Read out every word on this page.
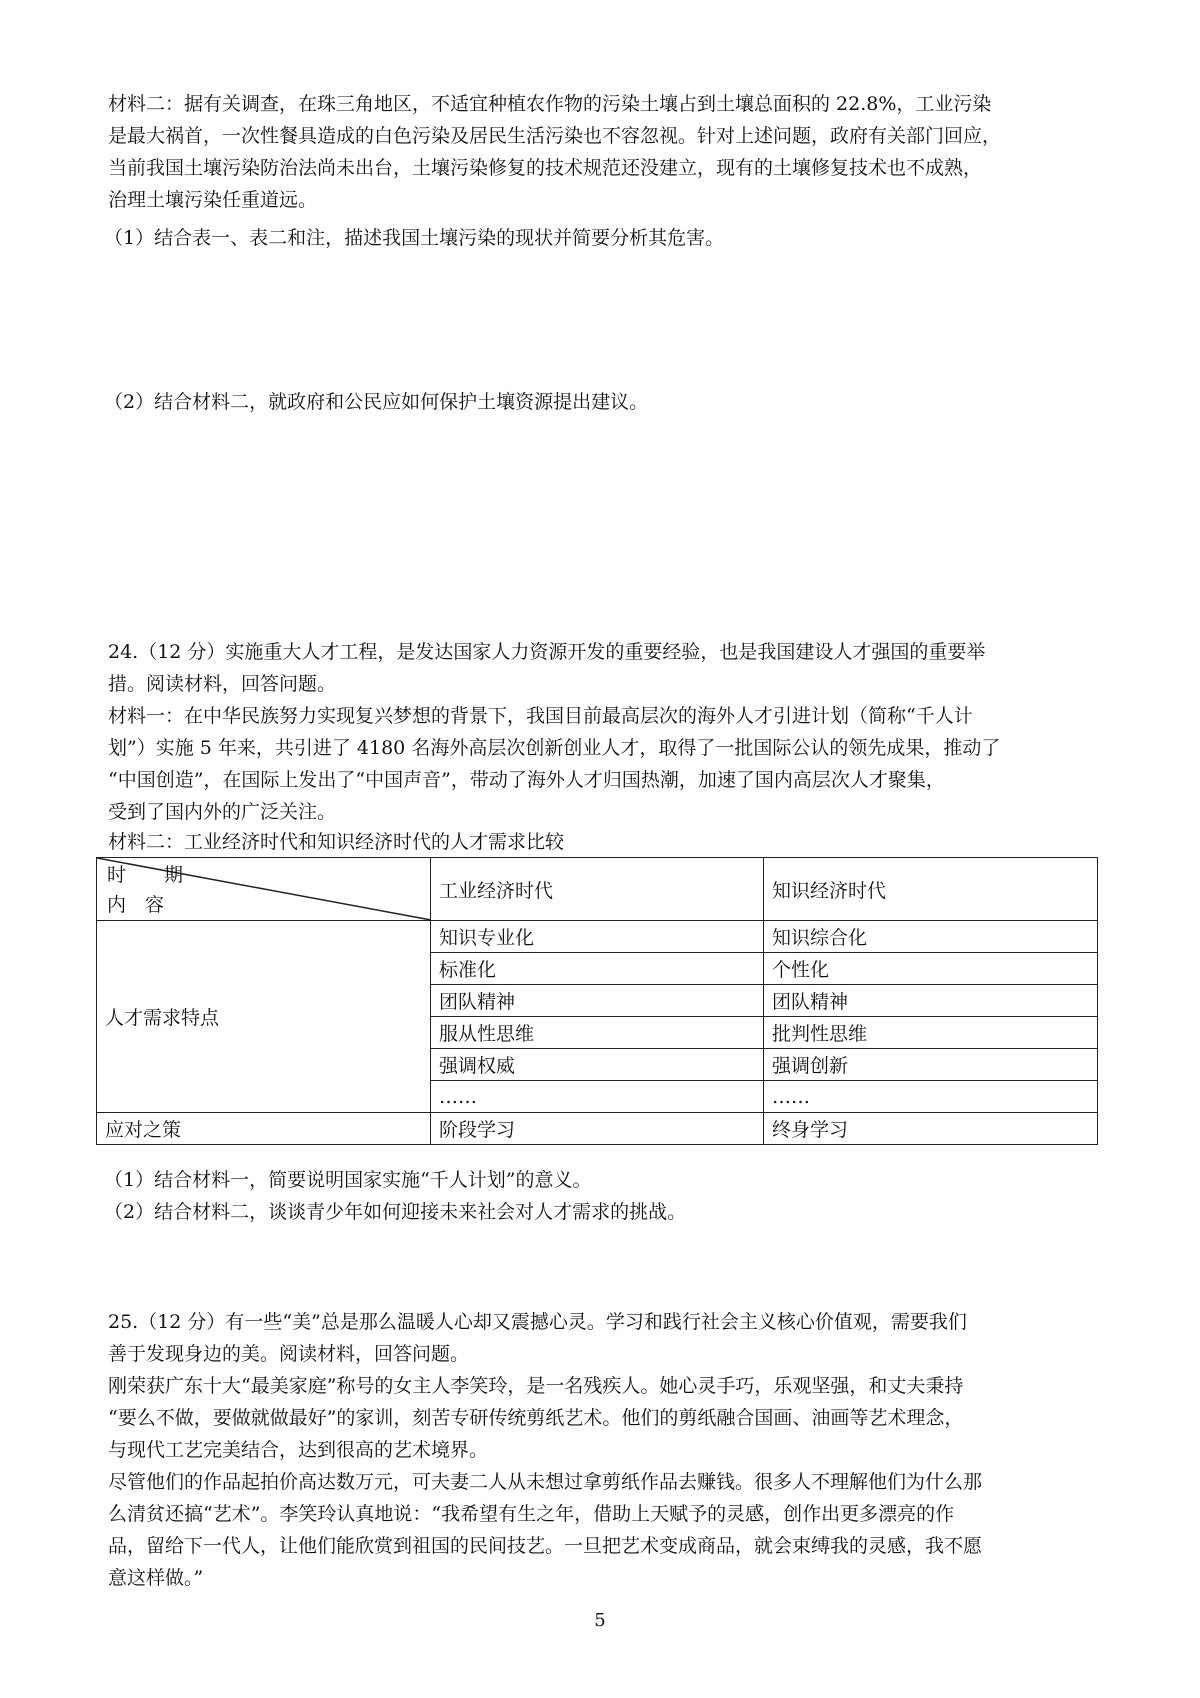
材料二：据有关调查，在珠三角地区，不适宜种植农作物的污染土壤占到土壤总面积的 22.8%，工业污染

是最大祸首，一次性餐具造成的白色污染及居民生活污染也不容忽视。针对上述问题，政府有关部门回应，

当前我国土壤污染防治法尚未出台，土壤污染修复的技术规范还没建立，现有的土壤修复技术也不成熟，

治理土壤污染任重道远。

（1）结合表一、表二和注，描述我国土壤污染的现状并简要分析其危害。

（2）结合材料二，就政府和公民应如何保护土壤资源提出建议。

24.（12 分）实施重大人才工程，是发达国家人力资源开发的重要经验，也是我国建设人才强国的重要举

措。阅读材料，回答问题。

材料一：在中华民族努力实现复兴梦想的背景下，我国目前最高层次的海外人才引进计划（简称“千人计

划”）实施 5 年来，共引进了 4180 名海外高层次创新创业人才，取得了一批国际公认的领先成果，推动了

“中国创造”，在国际上发出了“中国声音”，带动了海外人才归国热潮，加速了国内高层次人才聚集，

受到了国内外的广泛关注。

材料二：工业经济时代和知识经济时代的人才需求比较

时　　期
内　容	工业经济时代	知识经济时代
人才需求特点	知识专业化	知识综合化
	标准化	个性化
	团队精神	团队精神
	服从性思维	批判性思维
	强调权威	强调创新
	……	……
应对之策	阶段学习	终身学习

（1）结合材料一，简要说明国家实施“千人计划”的意义。

（2）结合材料二，谈谈青少年如何迎接未来社会对人才需求的挑战。

25.（12 分）有一些“美”总是那么温暖人心却又震撼心灵。学习和践行社会主义核心价值观，需要我们

善于发现身边的美。阅读材料，回答问题。

刚荣获广东十大“最美家庭”称号的女主人李笑玲，是一名残疾人。她心灵手巧，乐观坚强，和丈夫秉持

“要么不做，要做就做最好”的家训，刻苦专研传统剪纸艺术。他们的剪纸融合国画、油画等艺术理念，

与现代工艺完美结合，达到很高的艺术境界。

尽管他们的作品起拍价高达数万元，可夫妻二人从未想过拿剪纸作品去赚钱。很多人不理解他们为什么那

么清贫还搞“艺术”。李笑玲认真地说：“我希望有生之年，借助上天赋予的灵感，创作出更多漂亮的作

品，留给下一代人，让他们能欣赏到祖国的民间技艺。一旦把艺术变成商品，就会束缚我的灵感，我不愿

意这样做。”

5
